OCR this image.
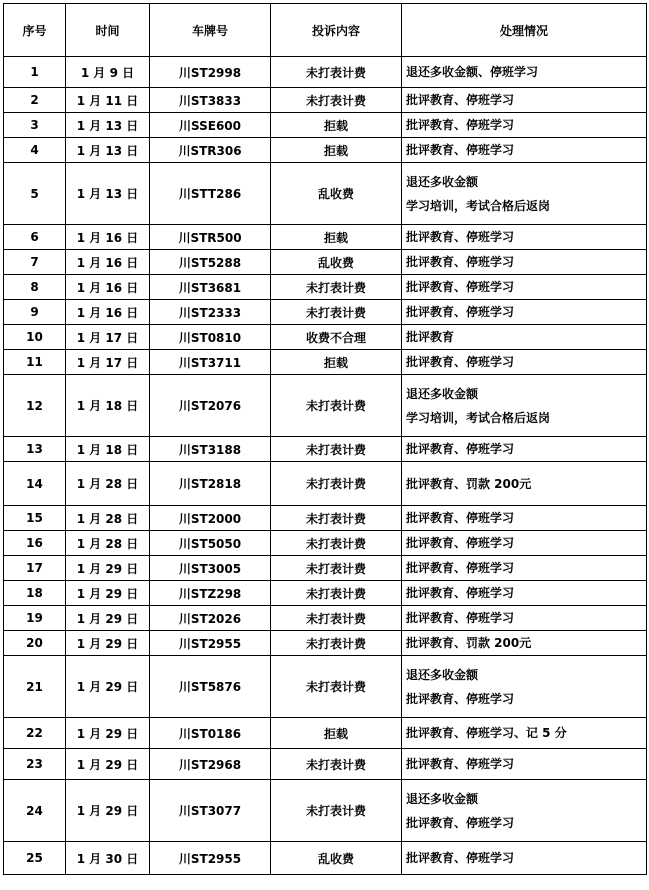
序号	时间	车牌号	投诉内容	处理情况
1	1 月 9 日	川ST2998	未打表计费	退还多收金额、停班学习

2	1 月 11 日	川ST3833	未打表计费	批评教育、停班学习

3	1 月 13 日	川SSE600	拒载	批评教育、停班学习

4	1 月 13 日	川STR306	拒载	批评教育、停班学习

5	1 月 13 日	川STT286	乱收费	退还多收金额
学习培训，考试合格后返岗

6	1 月 16 日	川STR500	拒载	批评教育、停班学习

7	1 月 16 日	川ST5288	乱收费	批评教育、停班学习

8	1 月 16 日	川ST3681	未打表计费	批评教育、停班学习

9	1 月 16 日	川ST2333	未打表计费	批评教育、停班学习

10	1 月 17 日	川ST0810	收费不合理	批评教育

11	1 月 17 日	川ST3711	拒载	批评教育、停班学习

12	1 月 18 日	川ST2076	未打表计费	退还多收金额
学习培训，考试合格后返岗

13	1 月 18 日	川ST3188	未打表计费	批评教育、停班学习

14	1 月 28 日	川ST2818	未打表计费	批评教育、罚款 200元

15	1 月 28 日	川ST2000	未打表计费	批评教育、停班学习

16	1 月 28 日	川ST5050	未打表计费	批评教育、停班学习

17	1 月 29 日	川ST3005	未打表计费	批评教育、停班学习

18	1 月 29 日	川STZ298	未打表计费	批评教育、停班学习

19	1 月 29 日	川ST2026	未打表计费	批评教育、停班学习

20	1 月 29 日	川ST2955	未打表计费	批评教育、罚款 200元

21	1 月 29 日	川ST5876	未打表计费	退还多收金额
批评教育、停班学习

22	1 月 29 日	川ST0186	拒载	批评教育、停班学习、记 5 分

23	1 月 29 日	川ST2968	未打表计费	批评教育、停班学习

24	1 月 29 日	川ST3077	未打表计费	退还多收金额
批评教育、停班学习

25	1 月 30 日	川ST2955	乱收费	批评教育、停班学习
